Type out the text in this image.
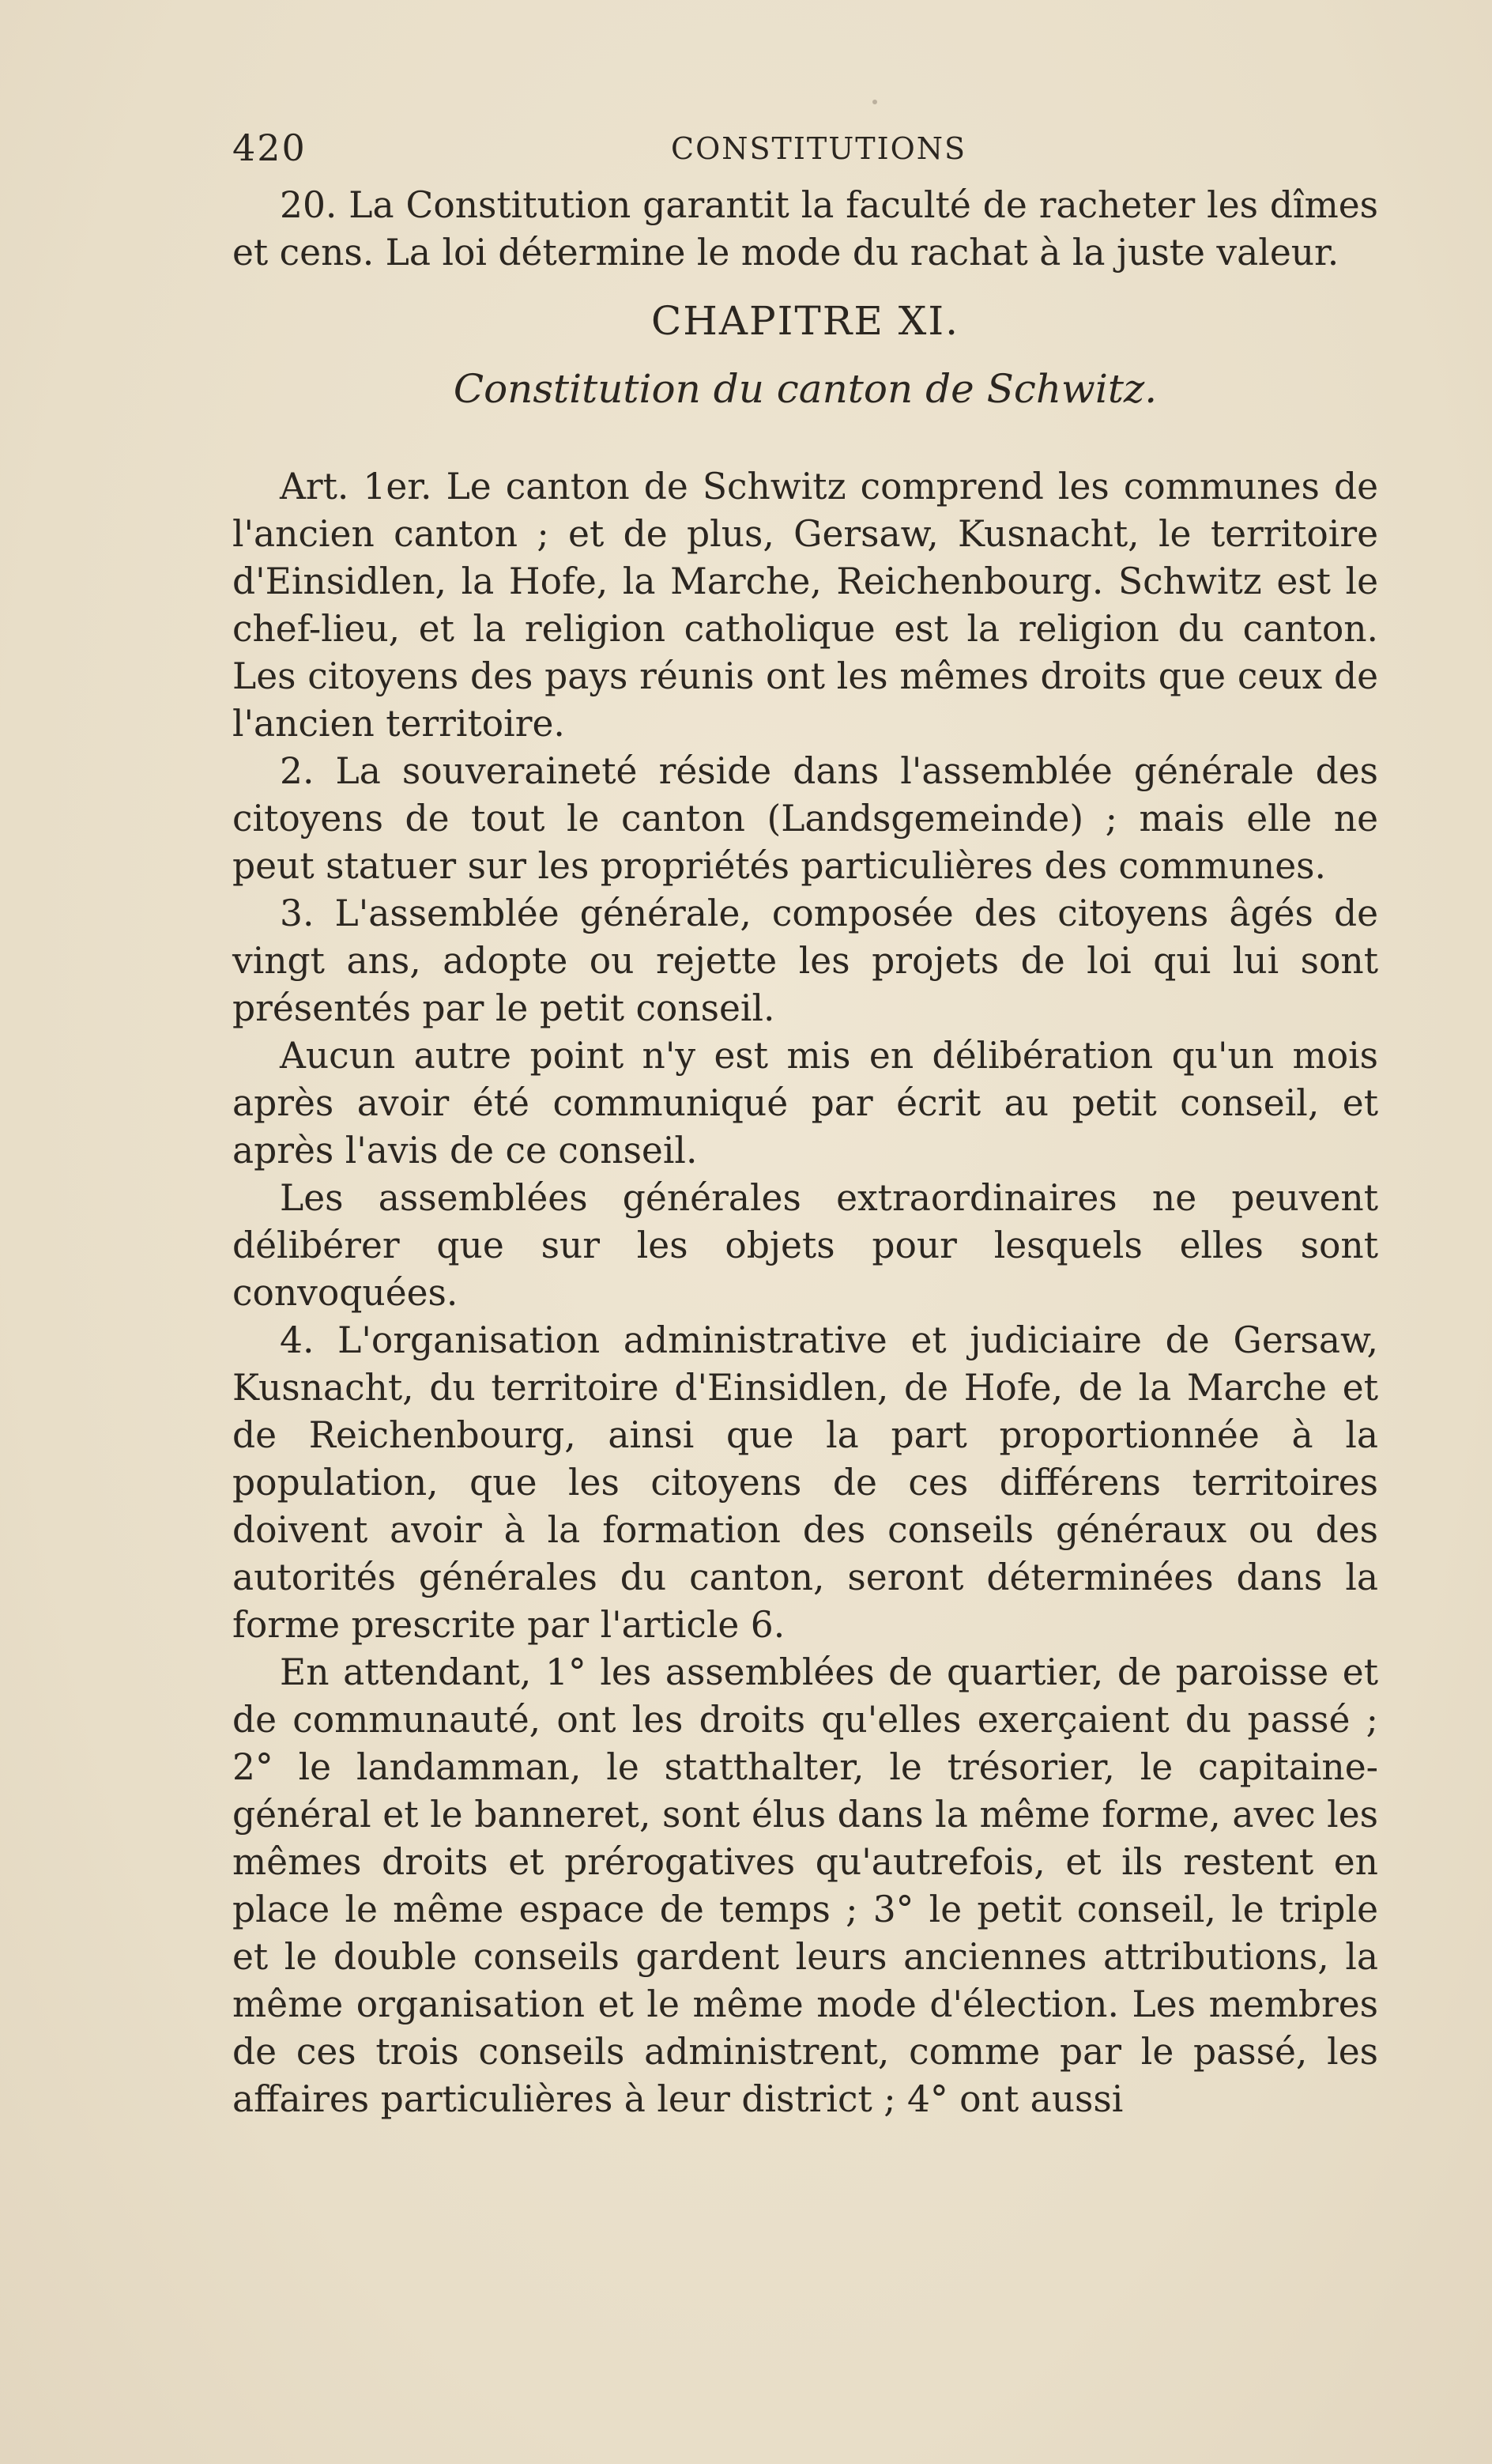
420	CONSTITUTIONS

20. La Constitution garantit la faculté de racheter les dîmes et cens. La loi détermine le mode du rachat à la juste valeur.

CHAPITRE XI.
Constitution du canton de Schwitz.

Art. 1er. Le canton de Schwitz comprend les communes de l'ancien canton ; et de plus, Gersaw, Kusnacht, le territoire d'Einsidlen, la Hofe, la Marche, Reichenbourg. Schwitz est le chef-lieu, et la religion catholique est la religion du canton. Les citoyens des pays réunis ont les mêmes droits que ceux de l'ancien territoire.

2. La souveraineté réside dans l'assemblée générale des citoyens de tout le canton (Landsgemeinde) ; mais elle ne peut statuer sur les propriétés particulières des communes.

3. L'assemblée générale, composée des citoyens âgés de vingt ans, adopte ou rejette les projets de loi qui lui sont présentés par le petit conseil.

Aucun autre point n'y est mis en délibération qu'un mois après avoir été communiqué par écrit au petit conseil, et après l'avis de ce conseil.

Les assemblées générales extraordinaires ne peuvent délibérer que sur les objets pour lesquels elles sont convoquées.

4. L'organisation administrative et judiciaire de Gersaw, Kusnacht, du territoire d'Einsidlen, de Hofe, de la Marche et de Reichenbourg, ainsi que la part proportionnée à la population, que les citoyens de ces différens territoires doivent avoir à la formation des conseils généraux ou des autorités générales du canton, seront déterminées dans la forme prescrite par l'article 6.

En attendant, 1° les assemblées de quartier, de paroisse et de communauté, ont les droits qu'elles exerçaient du passé ; 2° le landamman, le statthalter, le trésorier, le capitaine-général et le banneret, sont élus dans la même forme, avec les mêmes droits et prérogatives qu'autrefois, et ils restent en place le même espace de temps ; 3° le petit conseil, le triple et le double conseils gardent leurs anciennes attributions, la même organisation et le même mode d'élection. Les membres de ces trois conseils administrent, comme par le passé, les affaires particulières à leur district ; 4° ont aussi
